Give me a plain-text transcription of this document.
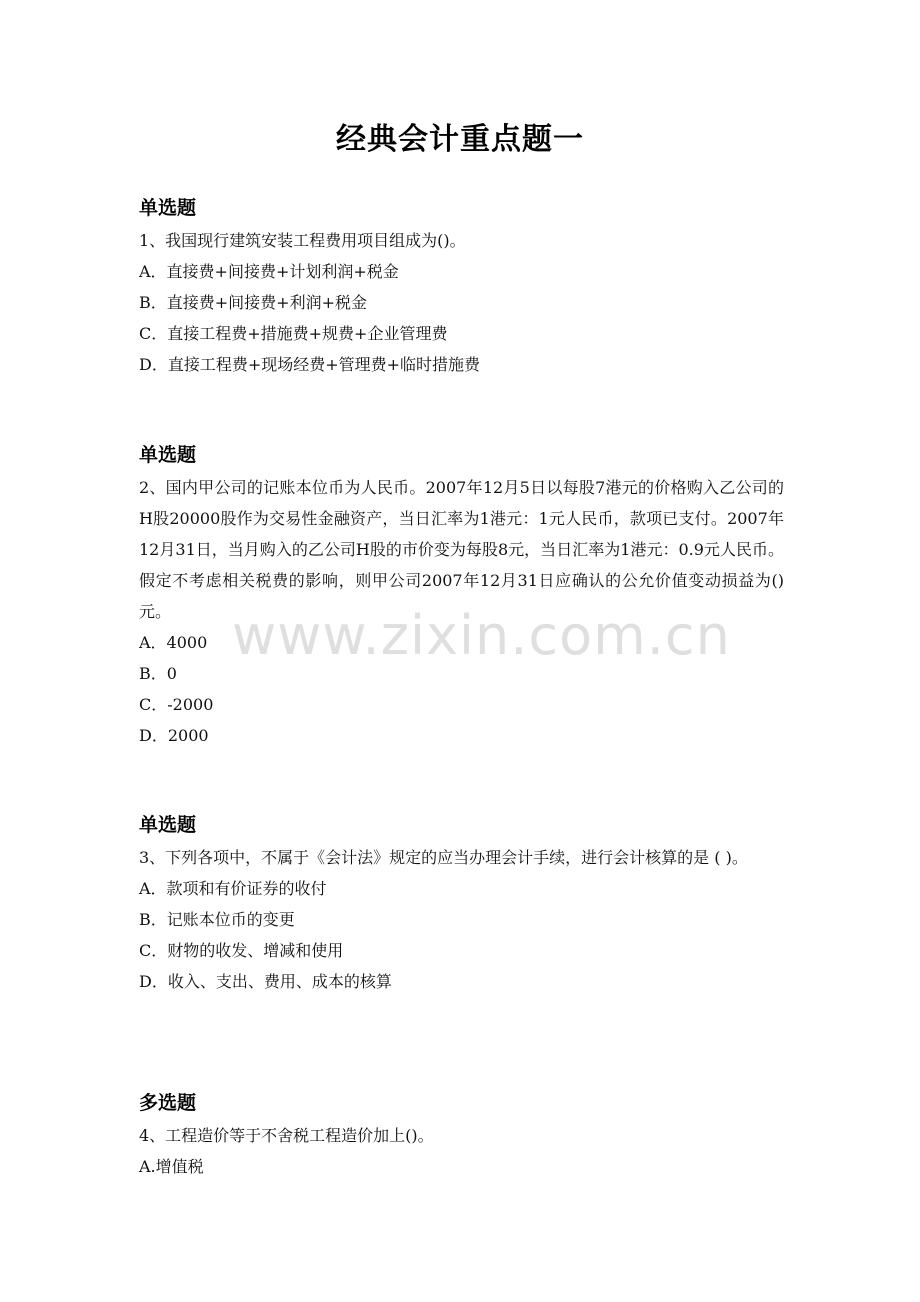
经典会计重点题一
单选题

1、我国现行建筑安装工程费用项目组成为()。

A．直接费+间接费+计划利润+税金
B．直接费+间接费+利润+税金
C．直接工程费+措施费+规费+企业管理费
D．直接工程费+现场经费+管理费+临时措施费
单选题

2、国内甲公司的记账本位币为人民币。2007年12月5日以每股7港元的价格购入乙公司的H股20000股作为交易性金融资产，当日汇率为1港元：1元人民币，款项已支付。2007年12月31日，当月购入的乙公司H股的市价变为每股8元，当日汇率为1港元：0.9元人民币。假定不考虑相关税费的影响，则甲公司2007年12月31日应确认的公允价值变动损益为()元。

A．4000
B．0
C．-2000
D．2000
单选题

3、下列各项中，不属于《会计法》规定的应当办理会计手续，进行会计核算的是 ( )。

A．款项和有价证券的收付
B．记账本位币的变更
C．财物的收发、增减和使用
D．收入、支出、费用、成本的核算
多选题

4、工程造价等于不舍税工程造价加上()。

A.增值税
www.zixin.com.cn
